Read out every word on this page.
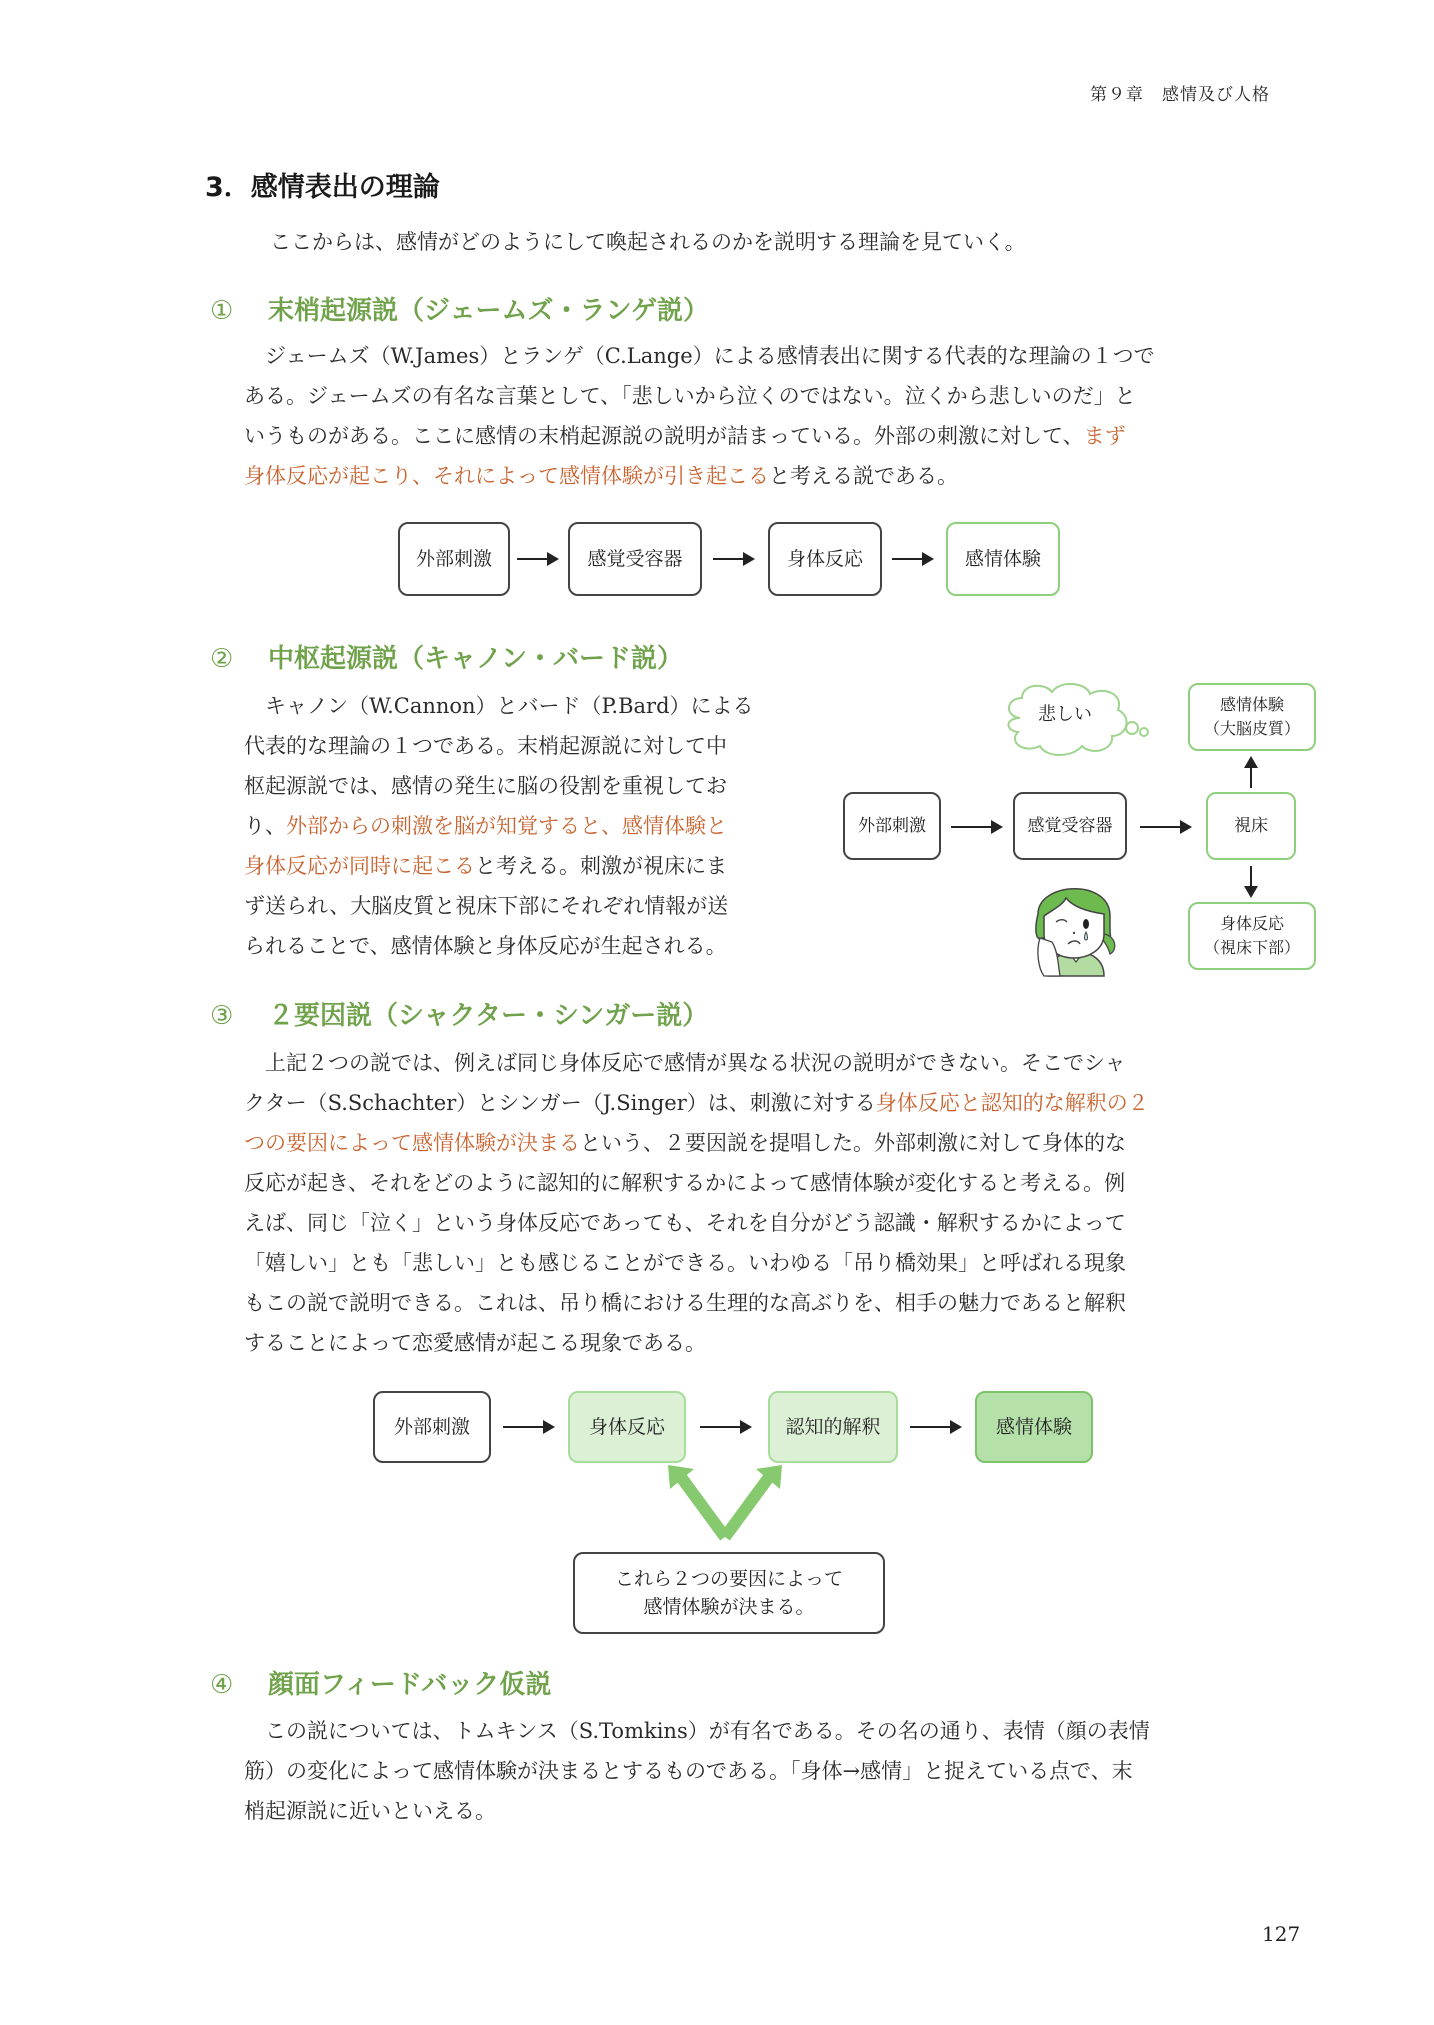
第９章　感情及び人格
3．感情表出の理論
ここからは、感情がどのようにして喚起されるのかを説明する理論を見ていく。
① 末梢起源説（ジェームズ・ランゲ説）
ジェームズ（W.James）とランゲ（C.Lange）による感情表出に関する代表的な理論の１つで
ある。ジェームズの有名な言葉として、「悲しいから泣くのではない。泣くから悲しいのだ」と
いうものがある。ここに感情の末梢起源説の説明が詰まっている。外部の刺激に対して、まず
身体反応が起こり、それによって感情体験が引き起こると考える説である。
外部刺激	感覚受容器	身体反応	感情体験
② 中枢起源説（キャノン・バード説）
キャノン（W.Cannon）とバード（P.Bard）による
代表的な理論の１つである。末梢起源説に対して中
枢起源説では、感情の発生に脳の役割を重視してお
り、外部からの刺激を脳が知覚すると、感情体験と
身体反応が同時に起こると考える。刺激が視床にま
ず送られ、大脳皮質と視床下部にそれぞれ情報が送
られることで、感情体験と身体反応が生起される。
悲しい
外部刺激	感覚受容器	視床
感情体験
（大脳皮質）
身体反応
（視床下部）
③ ２要因説（シャクター・シンガー説）
上記２つの説では、例えば同じ身体反応で感情が異なる状況の説明ができない。そこでシャ
クター（S.Schachter）とシンガー（J.Singer）は、刺激に対する身体反応と認知的な解釈の２
つの要因によって感情体験が決まるという、２要因説を提唱した。外部刺激に対して身体的な
反応が起き、それをどのように認知的に解釈するかによって感情体験が変化すると考える。例
えば、同じ「泣く」という身体反応であっても、それを自分がどう認識・解釈するかによって
「嬉しい」とも「悲しい」とも感じることができる。いわゆる「吊り橋効果」と呼ばれる現象
もこの説で説明できる。これは、吊り橋における生理的な高ぶりを、相手の魅力であると解釈
することによって恋愛感情が起こる現象である。
外部刺激	身体反応	認知的解釈	感情体験
これら２つの要因によって
感情体験が決まる。
④ 顔面フィードバック仮説
この説については、トムキンス（S.Tomkins）が有名である。その名の通り、表情（顔の表情
筋）の変化によって感情体験が決まるとするものである。「身体→感情」と捉えている点で、末
梢起源説に近いといえる。
127
